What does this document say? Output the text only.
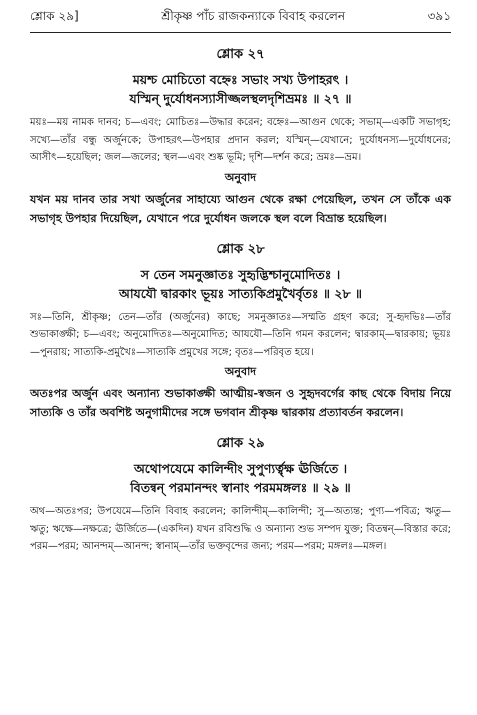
শ্লোক ২৯]	শ্রীকৃষ্ণ পাঁচ রাজকন্যাকে বিবাহ করলেন	৩৯১
শ্লোক ২৭
ময়শ্চ মোচিতো বহ্নেঃ সভাং সখ্য উপাহরৎ ।
যস্মিন্ দুর্যোধনস্যাসীজ্জলস্থলদৃশিভ্রমঃ ॥ ২৭ ॥
ময়ঃ—ময় নামক দানব; চ—এবং; মোচিতঃ—উদ্ধার করেন; বহ্নেঃ—আগুন থেকে; সভাম্—একটি সভাগৃহ; সখ্যে—তাঁর বন্ধু অর্জুনকে; উপাহরৎ—উপহার প্রদান করল; যস্মিন্—যেখানে; দুর্যোধনস্য—দুর্যোধনের; আসীৎ—হয়েছিল; জল—জলের; স্থল—এবং শুষ্ক ভূমি; দৃশি—দর্শন করে; ভ্রমঃ—ভ্রম।
অনুবাদ
যখন ময় দানব তার সখা অর্জুনের সাহায্যে আগুন থেকে রক্ষা পেয়েছিল, তখন সে তাঁকে এক সভাগৃহ উপহার দিয়েছিল, যেখানে পরে দুর্যোধন জলকে স্থল বলে বিভ্রান্ত হয়েছিল।
শ্লোক ২৮
স তেন সমনুজ্ঞাতঃ সুহৃদ্ভিশ্চানুমোদিতঃ ।
আযযৌ দ্বারকাং ভূয়ঃ সাত্যকিপ্রমুখৈর্বৃতঃ ॥ ২৮ ॥
সঃ—তিনি, শ্রীকৃষ্ণ; তেন—তাঁর (অর্জুনের) কাছে; সমনুজ্ঞাতঃ—সম্মতি গ্রহণ করে; সু-হৃদভিঃ—তাঁর শুভাকাঙ্ক্ষী; চ—এবং; অনুমোদিতঃ—অনুমোদিত; আযযৌ—তিনি গমন করলেন; দ্বারকাম্—দ্বারকায়; ভূয়ঃ—পুনরায়; সাত্যকি-প্রমুখৈঃ—সাত্যকি প্রমুখের সঙ্গে; বৃতঃ—পরিবৃত হয়ে।
অনুবাদ
অতঃপর অর্জুন এবং অন্যান্য শুভাকাঙ্ক্ষী আত্মীয়-স্বজন ও সুহৃদবর্গের কাছ থেকে বিদায় নিয়ে সাত্যকি ও তাঁর অবশিষ্ট অনুগামীদের সঙ্গে ভগবান শ্রীকৃষ্ণ দ্বারকায় প্রত্যাবর্তন করলেন।
শ্লোক ২৯
অথোপযেমে কালিন্দীং সুপুণ্যর্ত্বৃক্ষ ঊর্জিতে ।
বিতন্বন্ পরমানন্দং স্বানাং পরমমঙ্গলঃ ॥ ২৯ ॥
অথ—অতঃপর; উপযেমে—তিনি বিবাহ করলেন; কালিন্দীম্—কালিন্দী; সু—অত্যন্ত; পুণ্য—পবিত্র; ঋতু—ঋতু; ঋক্ষে—নক্ষত্রে; ঊর্জিতে—(একদিন) যখন রবিশুদ্ধি ও অন্যান্য শুভ সম্পদ যুক্ত; বিতন্বন্—বিস্তার করে; পরম—পরম; আনন্দম্—আনন্দ; স্বানাম্—তাঁর ভক্তবৃন্দের জন্য; পরম—পরম; মঙ্গলঃ—মঙ্গল।
